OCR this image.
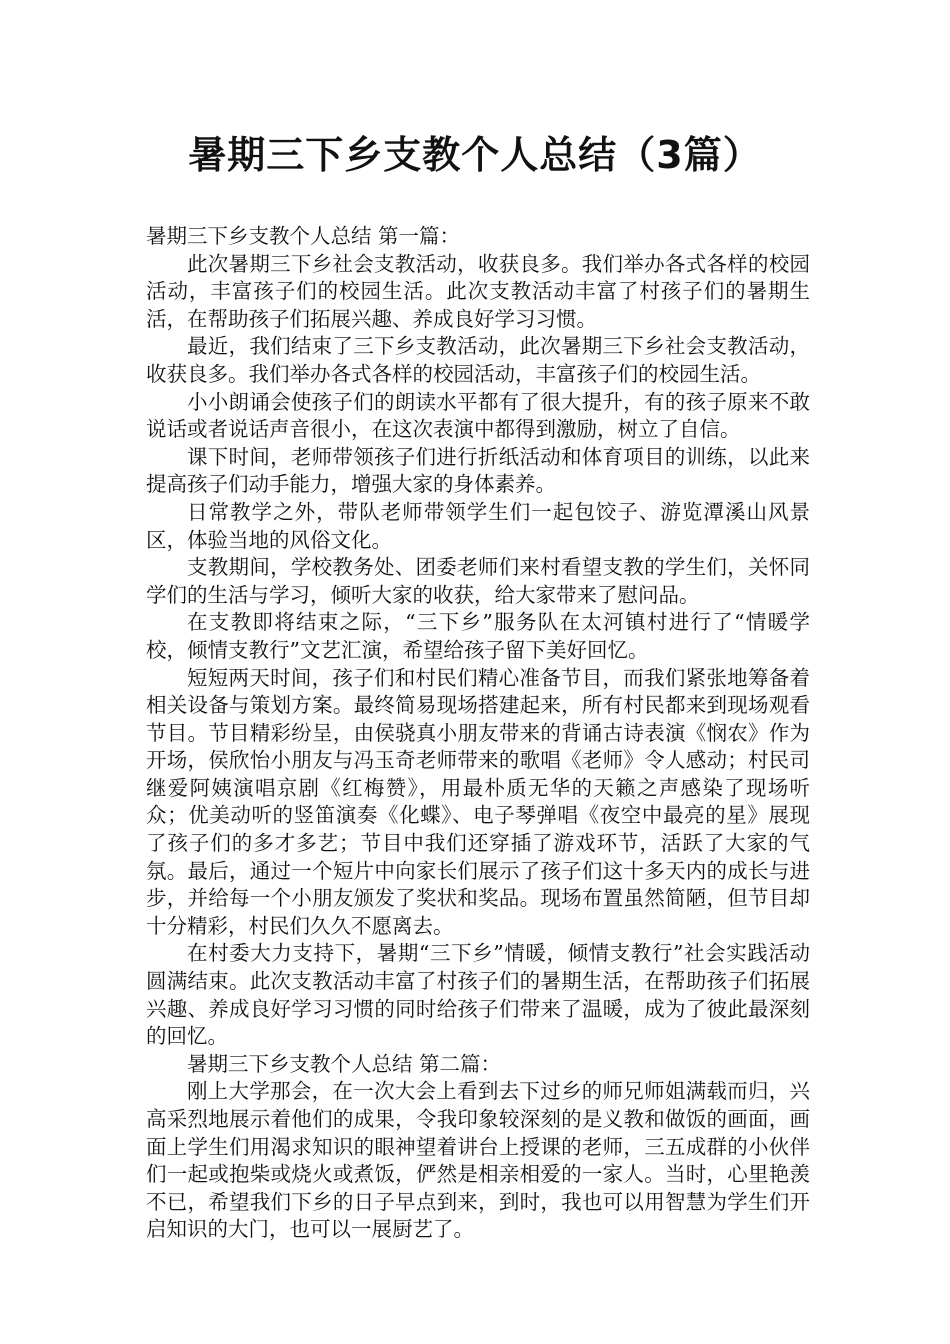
暑期三下乡支教个人总结（3篇）

暑期三下乡支教个人总结 第一篇：

此次暑期三下乡社会支教活动，收获良多。我们举办各式各样的校园活动，丰富孩子们的校园生活。此次支教活动丰富了村孩子们的暑期生活，在帮助孩子们拓展兴趣、养成良好学习习惯。

最近，我们结束了三下乡支教活动，此次暑期三下乡社会支教活动，收获良多。我们举办各式各样的校园活动，丰富孩子们的校园生活。

小小朗诵会使孩子们的朗读水平都有了很大提升，有的孩子原来不敢说话或者说话声音很小，在这次表演中都得到激励，树立了自信。

课下时间，老师带领孩子们进行折纸活动和体育项目的训练，以此来提高孩子们动手能力，增强大家的身体素养。

日常教学之外，带队老师带领学生们一起包饺子、游览潭溪山风景区，体验当地的风俗文化。

支教期间，学校教务处、团委老师们来村看望支教的学生们，关怀同学们的生活与学习，倾听大家的收获，给大家带来了慰问品。

在支教即将结束之际，“三下乡”服务队在太河镇村进行了“情暖学校，倾情支教行”文艺汇演，希望给孩子留下美好回忆。

短短两天时间，孩子们和村民们精心准备节目，而我们紧张地筹备着相关设备与策划方案。最终简易现场搭建起来，所有村民都来到现场观看节目。节目精彩纷呈，由侯骁真小朋友带来的背诵古诗表演《悯农》作为开场，侯欣怡小朋友与冯玉奇老师带来的歌唱《老师》令人感动；村民司继爱阿姨演唱京剧《红梅赞》，用最朴质无华的天籁之声感染了现场听众；优美动听的竖笛演奏《化蝶》、电子琴弹唱《夜空中最亮的星》展现了孩子们的多才多艺；节目中我们还穿插了游戏环节，活跃了大家的气氛。最后，通过一个短片中向家长们展示了孩子们这十多天内的成长与进步，并给每一个小朋友颁发了奖状和奖品。现场布置虽然简陋，但节目却十分精彩，村民们久久不愿离去。

在村委大力支持下，暑期“三下乡”情暖，倾情支教行”社会实践活动圆满结束。此次支教活动丰富了村孩子们的暑期生活，在帮助孩子们拓展兴趣、养成良好学习习惯的同时给孩子们带来了温暖，成为了彼此最深刻的回忆。

暑期三下乡支教个人总结 第二篇：

刚上大学那会，在一次大会上看到去下过乡的师兄师姐满载而归，兴高采烈地展示着他们的成果，令我印象较深刻的是义教和做饭的画面，画面上学生们用渴求知识的眼神望着讲台上授课的老师，三五成群的小伙伴们一起或抱柴或烧火或煮饭，俨然是相亲相爱的一家人。当时，心里艳羡不已，希望我们下乡的日子早点到来，到时，我也可以用智慧为学生们开启知识的大门，也可以一展厨艺了。
